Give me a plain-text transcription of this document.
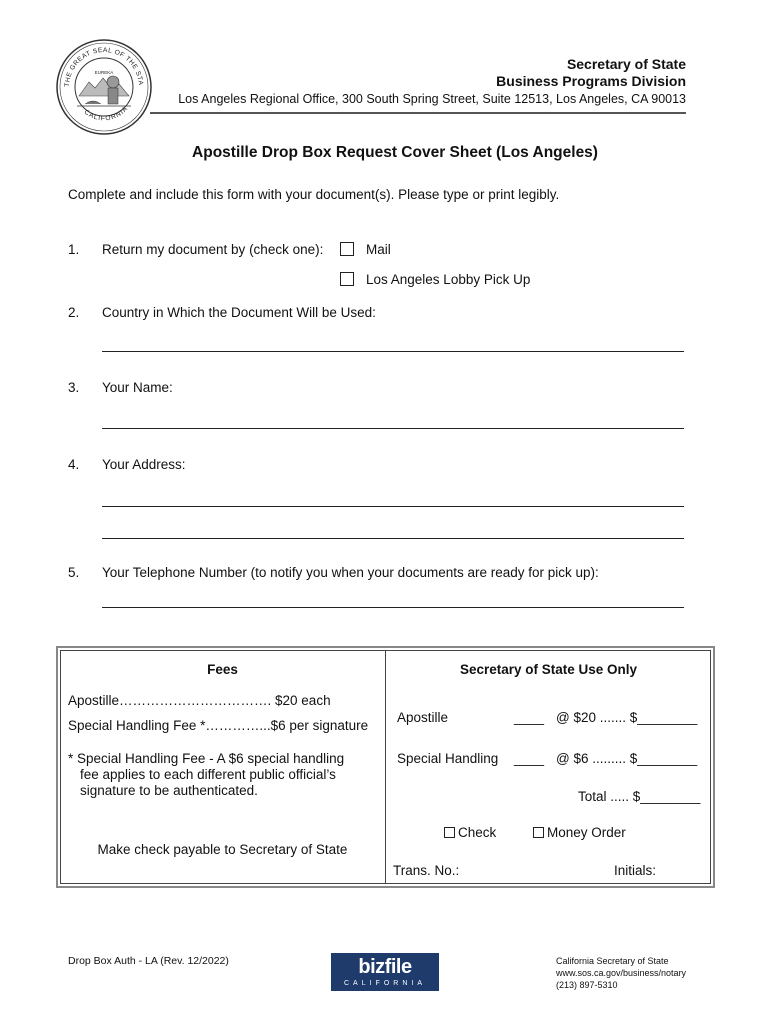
THE GREAT SEAL OF THE STA
CALIFORNIA
EUREKA
Secretary of State
Business Programs Division
Los Angeles Regional Office, 300 South Spring Street, Suite 12513, Los Angeles, CA 90013
Apostille Drop Box Request Cover Sheet (Los Angeles)
Complete and include this form with your document(s). Please type or print legibly.
1. Return my document by (check one):	Mail
Los Angeles Lobby Pick Up
2. Country in Which the Document Will be Used:
3. Your Name:
4. Your Address:
5. Your Telephone Number (to notify you when your documents are ready for pick up):
Fees	Secretary of State Use Only
Apostille……………………………. $20 each
Special Handling Fee *…………...$6 per signature
* Special Handling Fee - A $6 special handling
fee applies to each different public official’s
signature to be authenticated.
Make check payable to Secretary of State
Apostille	____ @ $20 ....... $________
Special Handling ____ @ $6 ......... $________
Total ..... $________
Check	Money Order
Trans. No.:	Initials:
Drop Box Auth - LA (Rev. 12/2022)	bizfile
CALIFORNIA
California Secretary of State
www.sos.ca.gov/business/notary
(213) 897-5310
